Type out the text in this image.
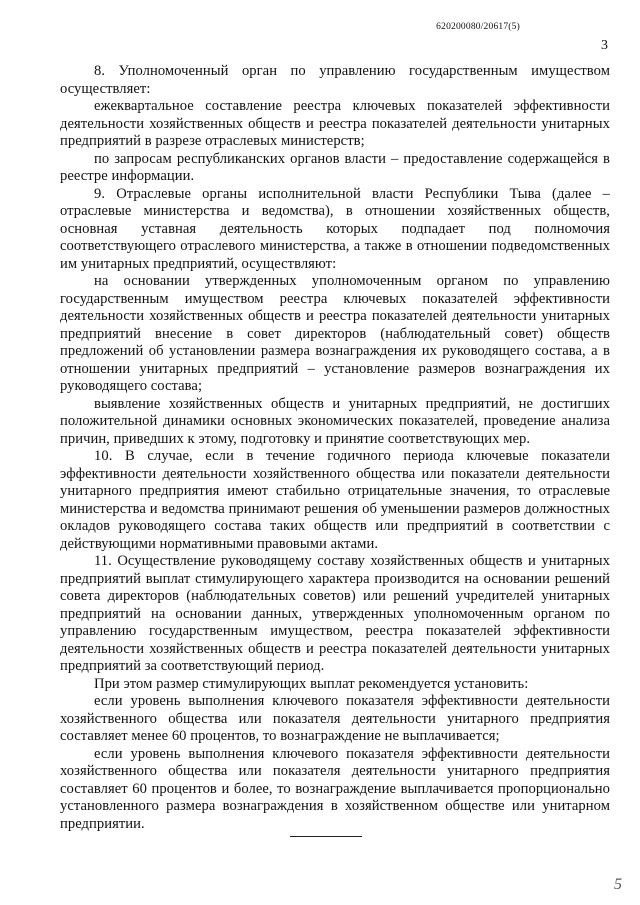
620200080/20617(5)
3

8. Уполномоченный орган по управлению государственным имуществом осуществляет:

ежеквартальное составление реестра ключевых показателей эффективности деятельности хозяйственных обществ и реестра показателей деятельности унитарных предприятий в разрезе отраслевых министерств;

по запросам республиканских органов власти – предоставление содержащейся в реестре информации.

9. Отраслевые органы исполнительной власти Республики Тыва (далее – отраслевые министерства и ведомства), в отношении хозяйственных обществ, основная уставная деятельность которых подпадает под полномочия соответствующего отраслевого министерства, а также в отношении подведомственных им унитарных предприятий, осуществляют:

на основании утвержденных уполномоченным органом по управлению государственным имуществом реестра ключевых показателей эффективности деятельности хозяйственных обществ и реестра показателей деятельности унитарных предприятий внесение в совет директоров (наблюдательный совет) обществ предложений об установлении размера вознаграждения их руководящего состава, а в отношении унитарных предприятий – установление размеров вознаграждения их руководящего состава;

выявление хозяйственных обществ и унитарных предприятий, не достигших положительной динамики основных экономических показателей, проведение анализа причин, приведших к этому, подготовку и принятие соответствующих мер.

10. В случае, если в течение годичного периода ключевые показатели эффективности деятельности хозяйственного общества или показатели деятельности унитарного предприятия имеют стабильно отрицательные значения, то отраслевые министерства и ведомства принимают решения об уменьшении размеров должностных окладов руководящего состава таких обществ или предприятий в соответствии с действующими нормативными правовыми актами.

11. Осуществление руководящему составу хозяйственных обществ и унитарных предприятий выплат стимулирующего характера производится на основании решений совета директоров (наблюдательных советов) или решений учредителей унитарных предприятий на основании данных, утвержденных уполномоченным органом по управлению государственным имуществом, реестра показателей эффективности деятельности хозяйственных обществ и реестра показателей деятельности унитарных предприятий за соответствующий период.

При этом размер стимулирующих выплат рекомендуется установить:

если уровень выполнения ключевого показателя эффективности деятельности хозяйственного общества или показателя деятельности унитарного предприятия составляет менее 60 процентов, то вознаграждение не выплачивается;

если уровень выполнения ключевого показателя эффективности деятельности хозяйственного общества или показателя деятельности унитарного предприятия составляет 60 процентов и более, то вознаграждение выплачивается пропорционально установленного размера вознаграждения в хозяйственном обществе или унитарном предприятии.

5
